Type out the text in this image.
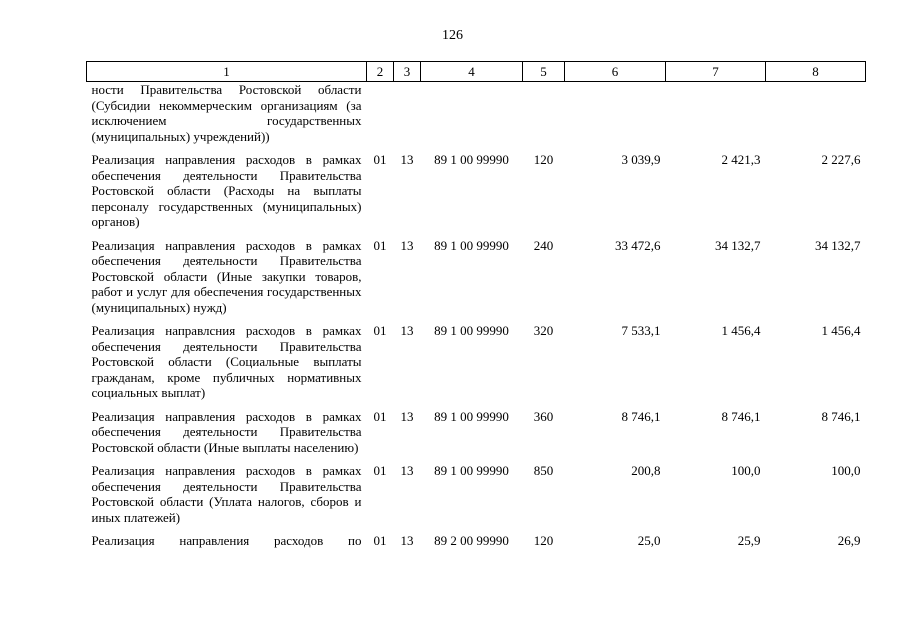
126
1	2	3	4	5	6	7	8
ности Правительства Ростовской области (Субсидии некоммерческим организациям (за исключением государственных (муниципальных) учреждений))							
Реализация направления расходов в рамках обеспечения деятельности Правительства Ростовской области (Расходы на выплаты персоналу государственных (муниципальных) органов)	01	13	89 1 00 99990	120	3 039,9	2 421,3	2 227,6
Реализация направления расходов в рамках обеспечения деятельности Правительства Ростовской области (Иные закупки товаров, работ и услуг для обеспечения государственных (муниципальных) нужд)	01	13	89 1 00 99990	240	33 472,6	34 132,7	34 132,7
Реализация направлсния расходов в рамках обеспечения деятельности Правительства Ростовской области (Социальные выплаты гражданам, кроме публичных нормативных социальных выплат)	01	13	89 1 00 99990	320	7 533,1	1 456,4	1 456,4
Реализация направления расходов в рамках обеспечения деятельности Правительства Ростовской области (Иные выплаты населению)	01	13	89 1 00 99990	360	8 746,1	8 746,1	8 746,1
Реализация направления расходов в рамках обеспечения деятельности Правительства Ростовской области (Уплата налогов, сборов и иных платежей)	01	13	89 1 00 99990	850	200,8	100,0	100,0
Реализация направления расходов по	01	13	89 2 00 99990	120	25,0	25,9	26,9
